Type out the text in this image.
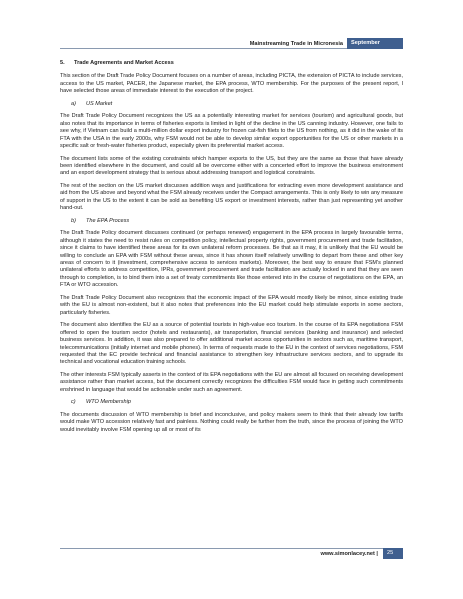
Mainstreaming Trade in Micronesia	September 2010
5. Trade Agreements and Market Access

This section of the Draft Trade Policy Document focuses on a number of areas, including PICTA, the extension of PICTA to include services, access to the US market, PACER, the Japanese market, the EPA process, WTO membership. For the purposes of the present report, I have selected those areas of immediate interest to the execution of the project.

a) US Market

The Draft Trade Policy Document recognizes the US as a potentially interesting market for services (tourism) and agricultural goods, but also notes that its importance in terms of fisheries exports is limited in light of the decline in the US canning industry. However, one fails to see why, if Vietnam can build a multi-million dollar export industry for frozen cat-fish filets to the US from nothing, as it did in the wake of its FTA with the USA in the early 2000s, why FSM would not be able to develop similar export opportunities for the US or other markets in a specific salt or fresh-water fisheries product, especially given its preferential market access.

The document lists some of the existing constraints which hamper exports to the US, but they are the same as those that have already been identified elsewhere in the document, and could all be overcome either with a concerted effort to improve the business environment and an export development strategy that is serious about addressing transport and logistical constraints.

The rest of the section on the US market discusses addition ways and justifications for extracting even more development assistance and aid from the US above and beyond what the FSM already receives under the Compact arrangements. This is only likely to win any measure of support in the US to the extent it can be sold as benefiting US export or investment interests, rather than just representing yet another hand-out.

b) The EPA Process

The Draft Trade Policy document discusses continued (or perhaps renewed) engagement in the EPA process in largely favourable terms, although it states the need to resist rules on competition policy, intellectual property rights, government procurement and trade facilitation, since it claims to have identified these areas for its own unilateral reform processes. Be that as it may, it is unlikely that the EU would be willing to conclude an EPA with FSM without these areas, since it has shown itself relatively unwilling to depart from these and other key areas of concern to it (investment, comprehensive access to services markets). Moreover, the best way to ensure that FSM's planned unilateral efforts to address competition, IPRs, government procurement and trade facilitation are actually locked in and that they are seen through to completion, is to bind them into a set of treaty commitments like those entered into in the course of negotiations on the EPA, an FTA or WTO accession.

The Draft Trade Policy Document also recognizes that the economic impact of the EPA would mostly likely be minor, since existing trade with the EU is almost non-existent, but it also notes that preferences into the EU market could help stimulate exports in some sectors, particularly fisheries.

The document also identifies the EU as a source of potential tourists in high-value eco tourism. In the course of its EPA negotiations FSM offered to open the tourism sector (hotels and restaurants), air transportation, financial services (banking and insurance) and selected business services. In addition, it was also prepared to offer additional market access opportunities in sectors such as, maritime transport, telecommunications (initially internet and mobile phones). In terms of requests made to the EU in the context of services negotiations, FSM requested that the EC provide technical and financial assistance to strengthen key infrastructure services sectors, and to upgrade its technical and vocational education training schools.

The other interests FSM typically asserts in the context of its EPA negotiations with the EU are almost all focused on receiving development assistance rather than market access, but the document correctly recognizes the difficulties FSM would face in getting such commitments enshrined in language that would be actionable under such an agreement.

c) WTO Membership

The documents discussion of WTO membership is brief and inconclusive, and policy makers seem to think that their already low tariffs would make WTO accession relatively fast and painless. Nothing could really be further from the truth, since the process of joining the WTO would inevitably involve FSM opening up all or most of its

www.simonlacey.net |	25
